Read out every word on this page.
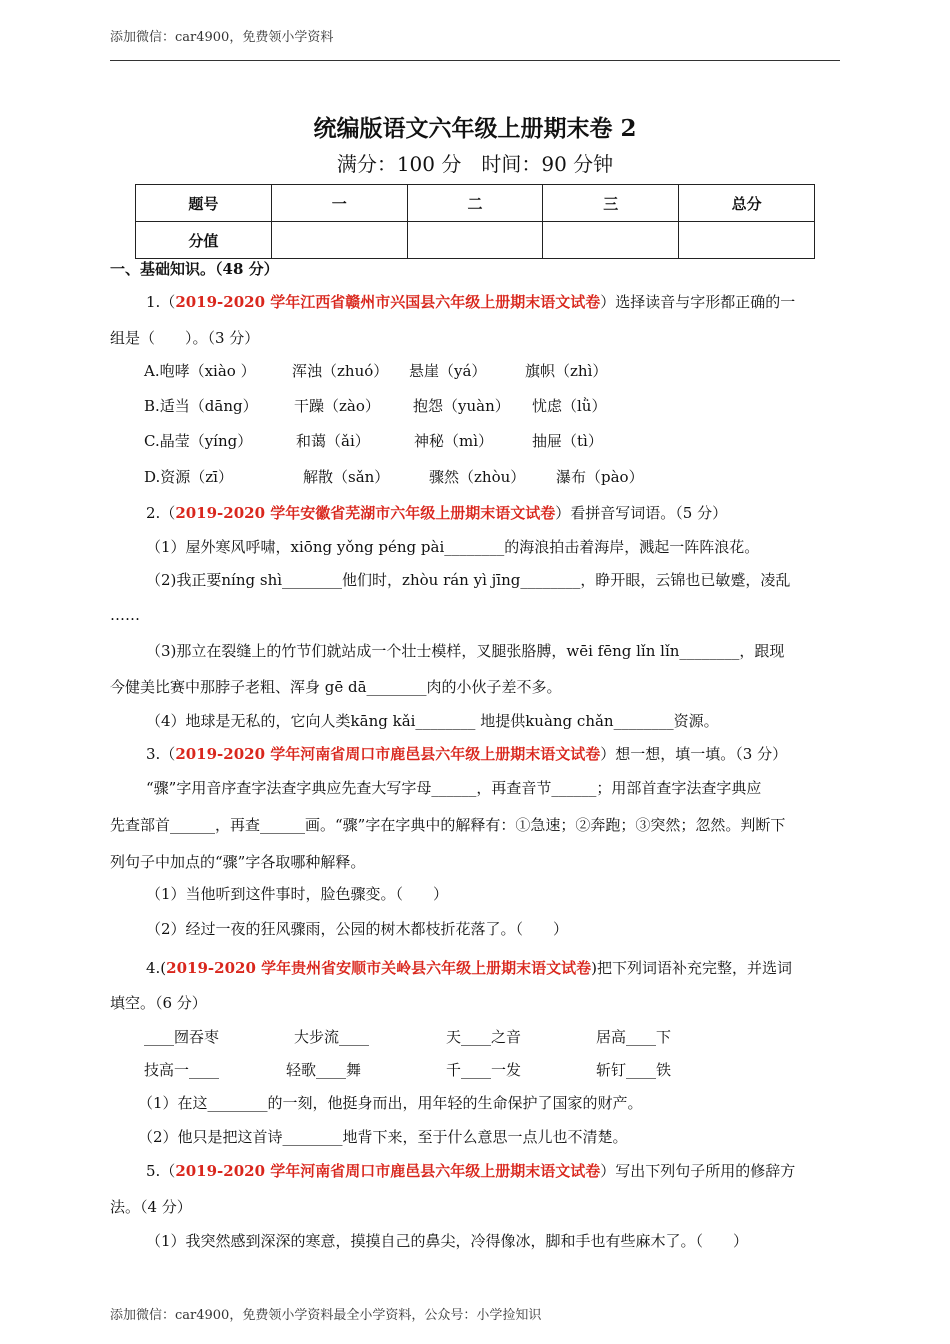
添加微信：car4900，免费领小学资料
统编版语文六年级上册期末卷 2
满分：100 分　时间：90 分钟
题号	一	二	三	总分
分值				
一、基础知识。（48 分）
1.（2019-2020 学年江西省赣州市兴国县六年级上册期末语文试卷）选择读音与字形都正确的一
组是（　　）。（3 分）
A.咆哮（xiào ） 浑浊（zhuó） 悬崖（yá）	旗帜（zhì）
B.适当（dāng） 干躁（zào） 抱怨（yuàn） 忧虑（lǜ）
C.晶莹（yíng）	和蔼（ǎi）	神秘（mì）	抽屉（tì）
D.资源（zī）	解散（sǎn）	骤然（zhòu） 瀑布（pào）
2.（2019-2020 学年安徽省芜湖市六年级上册期末语文试卷）看拼音写词语。（5 分）
（1）屋外寒风呼啸，xiōng yǒng péng pài________的海浪拍击着海岸，溅起一阵阵浪花。
（2)我正要níng shì________他们时，zhòu rán yì jīng________，睁开眼，云锦也已敏蹙，凌乱
……
（3)那立在裂缝上的竹节们就站成一个壮士模样，叉腿张胳膊，wēi fēng lǐn lǐn________，跟现
今健美比赛中那脖子老粗、浑身 gē dā________肉的小伙子差不多。
（4）地球是无私的，它向人类kāng kǎi________ 地提供kuàng chǎn________资源。
3.（2019-2020 学年河南省周口市鹿邑县六年级上册期末语文试卷）想一想，填一填。（3 分）
“骤”字用音序查字法查字典应先查大写字母______，再查音节______；用部首查字法查字典应
先查部首______，再查______画。“骤”字在字典中的解释有：①急速；②奔跑；③突然；忽然。判断下
列句子中加点的“骤”字各取哪种解释。
（1）当他听到这件事时，脸色骤变。（　　）
（2）经过一夜的狂风骤雨，公园的树木都枝折花落了。（　　）
4.(2019-2020 学年贵州省安顺市关岭县六年级上册期末语文试卷)把下列词语补充完整，并选词
填空。（6 分）
____囫吞枣	大步流____	天____之音	居高____下
技高一____	轻歌____舞	千____一发	斩钉____铁
（1）在这________的一刻，他挺身而出，用年轻的生命保护了国家的财产。
（2）他只是把这首诗________地背下来，至于什么意思一点儿也不清楚。
5.（2019-2020 学年河南省周口市鹿邑县六年级上册期末语文试卷）写出下列句子所用的修辞方
法。（4 分）
（1）我突然感到深深的寒意，摸摸自己的鼻尖，冷得像冰，脚和手也有些麻木了。（　　）
添加微信：car4900，免费领小学资料最全小学资料，公众号：小学捡知识
